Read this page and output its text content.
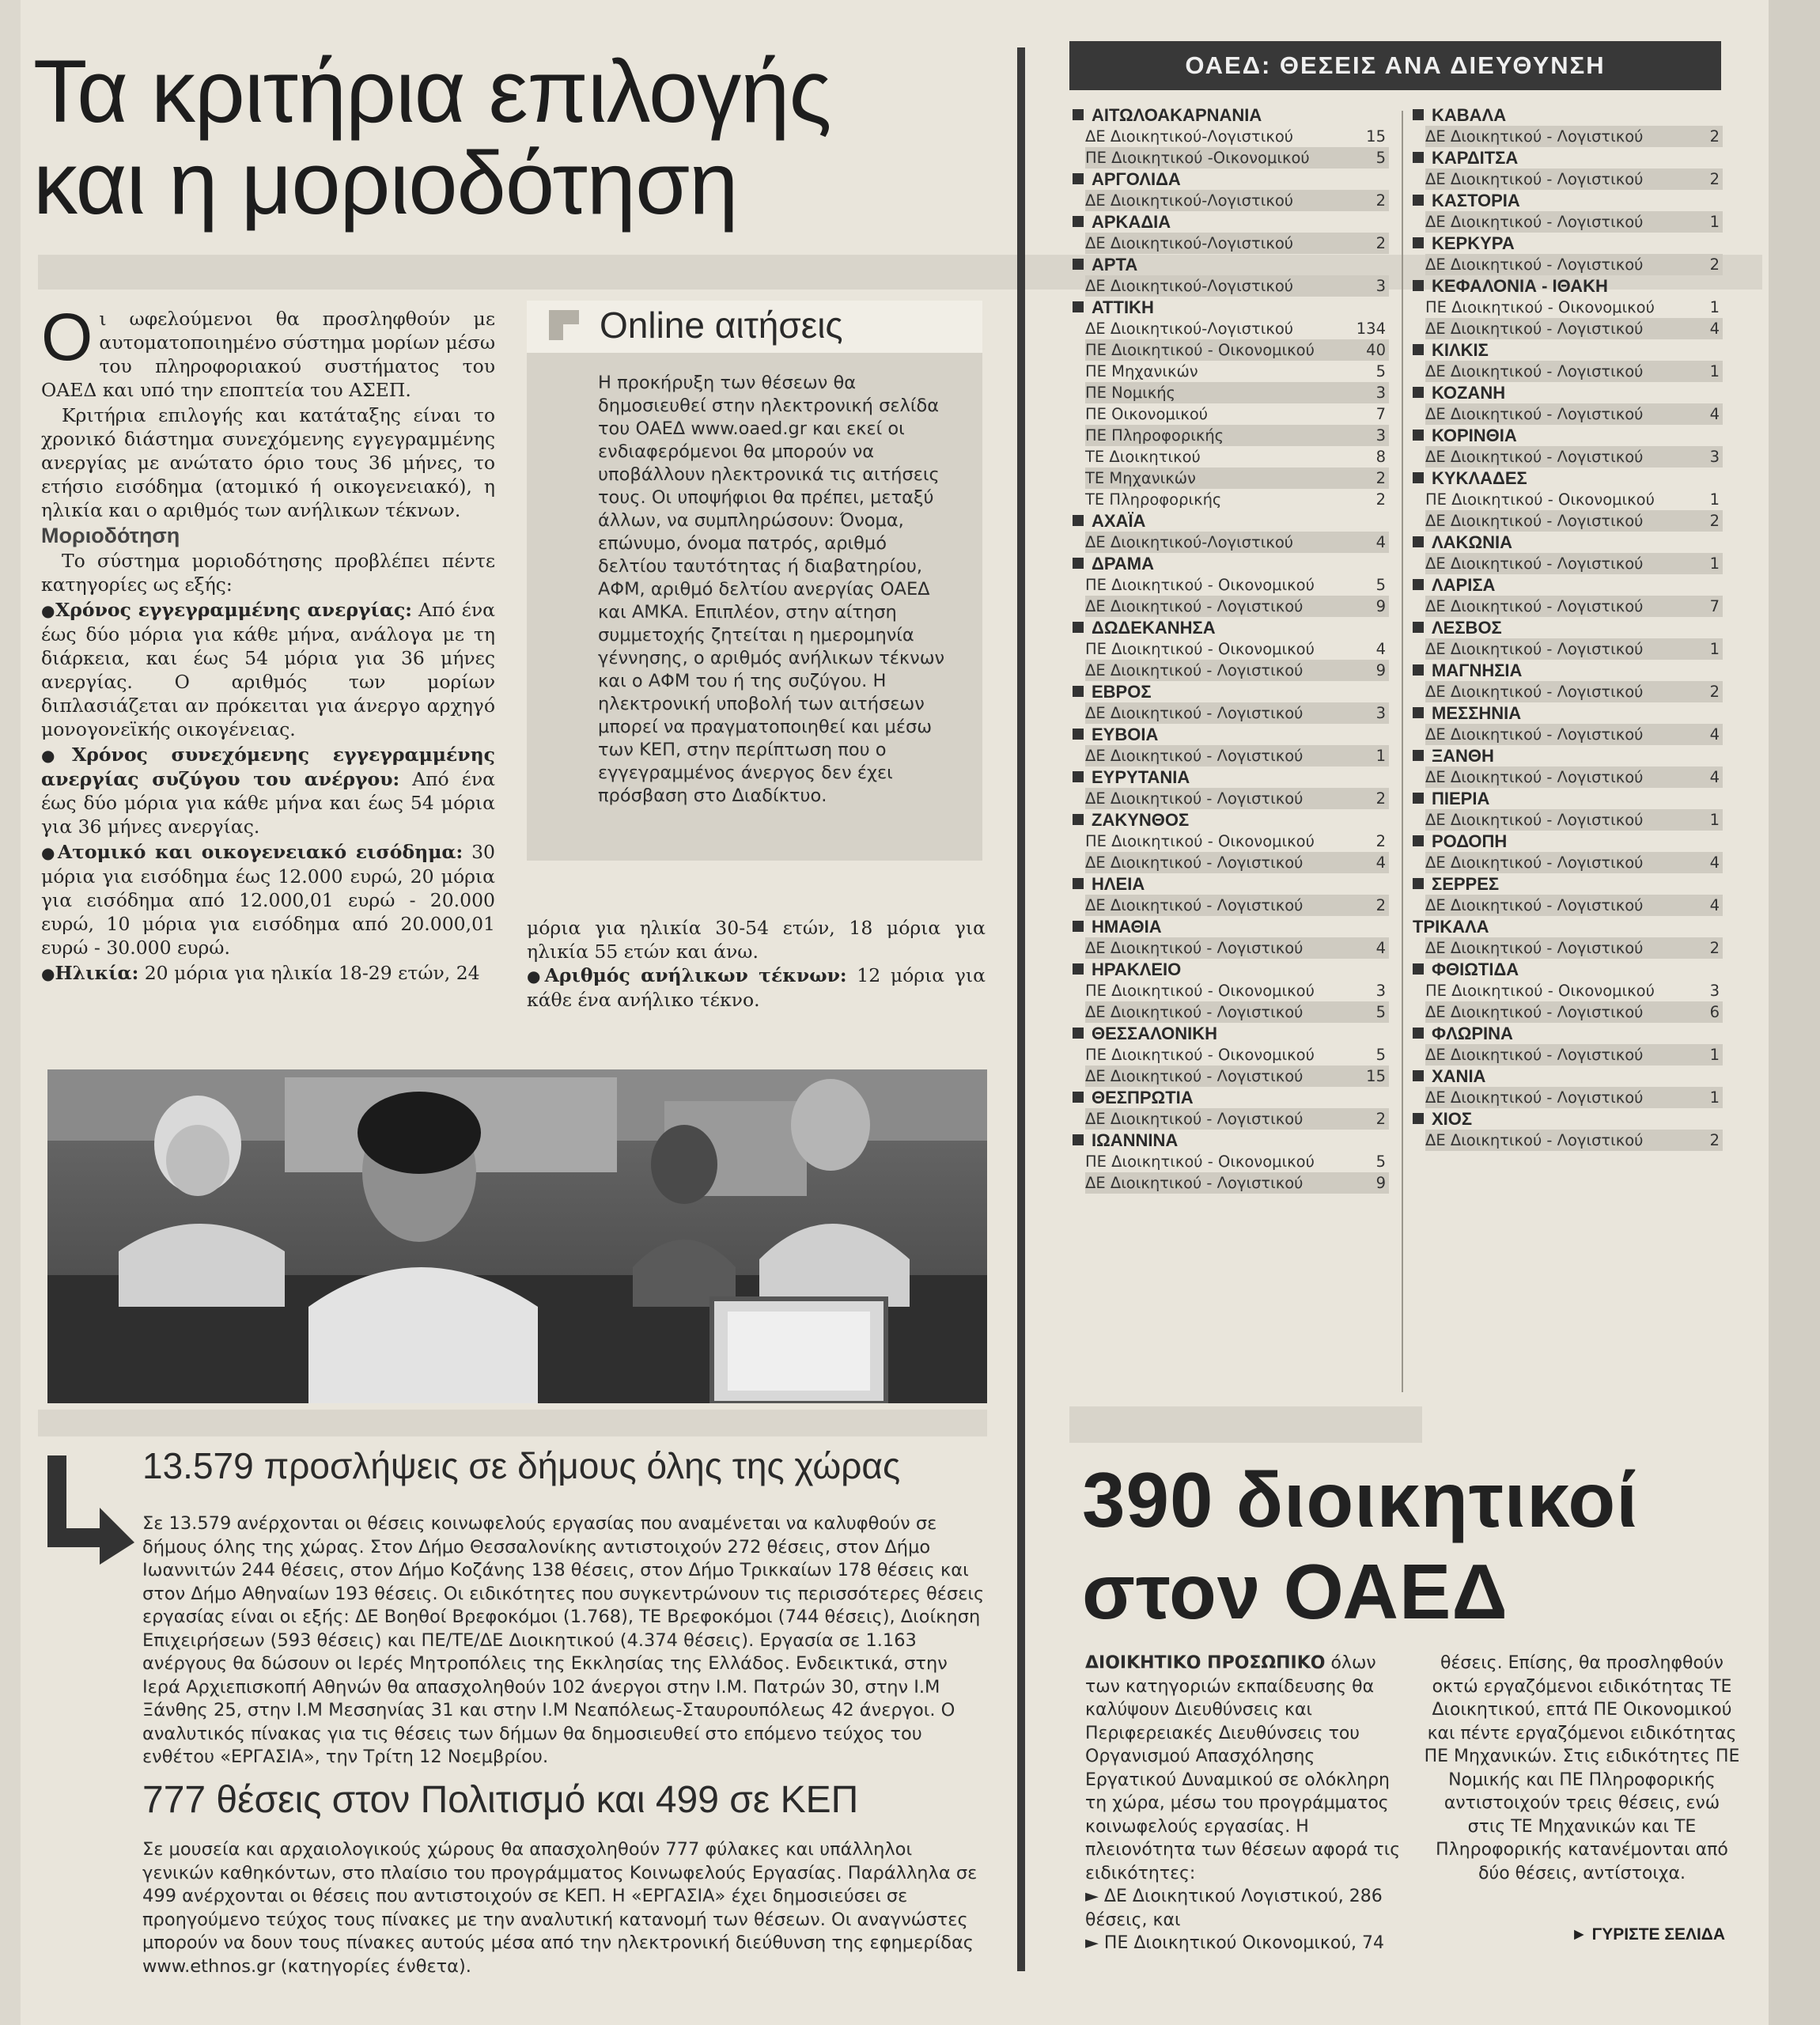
Τα κριτήρια επιλογής
και η μοριοδότηση

Οι ωφελούμενοι θα προσληφθούν με αυτοματοποιημένο σύστημα μορίων μέσω του πληροφοριακού συστήματος του ΟΑΕΔ και υπό την εποπτεία του ΑΣΕΠ.

Κριτήρια επιλογής και κατάταξης είναι το χρονικό διάστημα συνεχόμενης εγγεγραμμένης ανεργίας με ανώτατο όριο τους 36 μήνες, το ετήσιο εισόδημα (ατομικό ή οικογενειακό), η ηλικία και ο αριθμός των ανήλικων τέκνων.

Μοριοδότηση

Το σύστημα μοριοδότησης προβλέπει πέντε κατηγορίες ως εξής:

●Χρόνος εγγεγραμμένης ανεργίας: Από ένα έως δύο μόρια για κάθε μήνα, ανάλογα με τη διάρκεια, και έως 54 μόρια για 36 μήνες ανεργίας. Ο αριθμός των μορίων διπλασιάζεται αν πρόκειται για άνεργο αρχηγό μονογονεϊκής οικογένειας.

●Χρόνος συνεχόμενης εγγεγραμμένης ανεργίας συζύγου του ανέργου: Από ένα έως δύο μόρια για κάθε μήνα και έως 54 μόρια για 36 μήνες ανεργίας.

●Ατομικό και οικογενειακό εισόδημα: 30 μόρια για εισόδημα έως 12.000 ευρώ, 20 μόρια για εισόδημα από 12.000,01 ευρώ - 20.000 ευρώ, 10 μόρια για εισόδημα από 20.000,01 ευρώ - 30.000 ευρώ.

●Ηλικία: 20 μόρια για ηλικία 18-29 ετών, 24

Online αιτήσεις
Η προκήρυξη των θέσεων θα δημοσιευθεί στην ηλεκτρονική σελίδα του ΟΑΕΔ www.oaed.gr και εκεί οι ενδιαφερόμενοι θα μπορούν να υποβάλλουν ηλεκτρονικά τις αιτήσεις τους. Οι υποψήφιοι θα πρέπει, μεταξύ άλλων, να συμπληρώσουν: Όνομα, επώνυμο, όνομα πατρός, αριθμό δελτίου ταυτότητας ή διαβατηρίου, ΑΦΜ, αριθμό δελτίου ανεργίας ΟΑΕΔ και ΑΜΚΑ. Επιπλέον, στην αίτηση συμμετοχής ζητείται η ημερομηνία γέννησης, ο αριθμός ανήλικων τέκνων και ο ΑΦΜ του ή της συζύγου. Η ηλεκτρονική υποβολή των αιτήσεων μπορεί να πραγματοποιηθεί και μέσω των ΚΕΠ, στην περίπτωση που ο εγγεγραμμένος άνεργος δεν έχει πρόσβαση στο Διαδίκτυο.

μόρια για ηλικία 30-54 ετών, 18 μόρια για ηλικία 55 ετών και άνω.

●Αριθμός ανήλικων τέκνων: 12 μόρια για κάθε ένα ανήλικο τέκνο.

13.579 προσλήψεις σε δήμους όλης της χώρας
Σε 13.579 ανέρχονται οι θέσεις κοινωφελούς εργασίας που αναμένεται να καλυφθούν σε δήμους όλης της χώρας. Στον Δήμο Θεσσαλονίκης αντιστοιχούν 272 θέσεις, στον Δήμο Ιωαννιτών 244 θέσεις, στον Δήμο Κοζάνης 138 θέσεις, στον Δήμο Τρικκαίων 178 θέσεις και στον Δήμο Αθηναίων 193 θέσεις. Οι ειδικότητες που συγκεντρώνουν τις περισσότερες θέσεις εργασίας είναι οι εξής: ΔΕ Βοηθοί Βρεφοκόμοι (1.768), ΤΕ Βρεφοκόμοι (744 θέσεις), Διοίκηση Επιχειρήσεων (593 θέσεις) και ΠΕ/ΤΕ/ΔΕ Διοικητικού (4.374 θέσεις). Εργασία σε 1.163 ανέργους θα δώσουν οι Ιερές Μητροπόλεις της Εκκλησίας της Ελλάδος. Ενδεικτικά, στην Ιερά Αρχιεπισκοπή Αθηνών θα απασχοληθούν 102 άνεργοι στην Ι.Μ. Πατρών 30, στην Ι.Μ Ξάνθης 25, στην Ι.Μ Μεσσηνίας 31 και στην Ι.Μ Νεαπόλεως-Σταυρουπόλεως 42 άνεργοι. Ο αναλυτικός πίνακας για τις θέσεις των δήμων θα δημοσιευθεί στο επόμενο τεύχος του ενθέτου «ΕΡΓΑΣΙΑ», την Τρίτη 12 Νοεμβρίου.
777 θέσεις στον Πολιτισμό και 499 σε ΚΕΠ
Σε μουσεία και αρχαιολογικούς χώρους θα απασχοληθούν 777 φύλακες και υπάλληλοι γενικών καθηκόντων, στο πλαίσιο του προγράμματος Κοινωφελούς Εργασίας. Παράλληλα σε 499 ανέρχονται οι θέσεις που αντιστοιχούν σε ΚΕΠ. Η «ΕΡΓΑΣΙΑ» έχει δημοσιεύσει σε προηγούμενο τεύχος τους πίνακες με την αναλυτική κατανομή των θέσεων. Οι αναγνώστες μπορούν να δουν τους πίνακες αυτούς μέσα από την ηλεκτρονική διεύθυνση της εφημερίδας www.ethnos.gr (κατηγορίες ένθετα).
ΟΑΕΔ: ΘΕΣΕΙΣ ΑΝΑ ΔΙΕΥΘΥΝΣΗ
ΑΙΤΩΛΟΑΚΑΡΝΑΝΙΑ
ΔΕ Διοικητικού-Λογιστικού	15
ΠΕ Διοικητικού -Οικονομικού	5
ΑΡΓΟΛΙΔΑ
ΔΕ Διοικητικού-Λογιστικού	2
ΑΡΚΑΔΙΑ
ΔΕ Διοικητικού-Λογιστικού	2
ΑΡΤΑ
ΔΕ Διοικητικού-Λογιστικού	3
ΑΤΤΙΚΗ
ΔΕ Διοικητικού-Λογιστικού	134
ΠΕ Διοικητικού - Οικονομικού	40
ΠΕ Μηχανικών	5
ΠΕ Νομικής	3
ΠΕ Οικονομικού	7
ΠΕ Πληροφορικής	3
ΤΕ Διοικητικού	8
ΤΕ Μηχανικών	2
ΤΕ Πληροφορικής	2
ΑΧΑΪΑ
ΔΕ Διοικητικού-Λογιστικού	4
ΔΡΑΜΑ
ΠΕ Διοικητικού - Οικονομικού	5
ΔΕ Διοικητικού - Λογιστικού	9
ΔΩΔΕΚΑΝΗΣΑ
ΠΕ Διοικητικού - Οικονομικού	4
ΔΕ Διοικητικού - Λογιστικού	9
ΕΒΡΟΣ
ΔΕ Διοικητικού - Λογιστικού	3
ΕΥΒΟΙΑ
ΔΕ Διοικητικού - Λογιστικού	1
ΕΥΡΥΤΑΝΙΑ
ΔΕ Διοικητικού - Λογιστικού	2
ΖΑΚΥΝΘΟΣ
ΠΕ Διοικητικού - Οικονομικού	2
ΔΕ Διοικητικού - Λογιστικού	4
ΗΛΕΙΑ
ΔΕ Διοικητικού - Λογιστικού	2
ΗΜΑΘΙΑ
ΔΕ Διοικητικού - Λογιστικού	4
ΗΡΑΚΛΕΙΟ
ΠΕ Διοικητικού - Οικονομικού	3
ΔΕ Διοικητικού - Λογιστικού	5
ΘΕΣΣΑΛΟΝΙΚΗ
ΠΕ Διοικητικού - Οικονομικού	5
ΔΕ Διοικητικού - Λογιστικού	15
ΘΕΣΠΡΩΤΙΑ
ΔΕ Διοικητικού - Λογιστικού	2
ΙΩΑΝΝΙΝΑ
ΠΕ Διοικητικού - Οικονομικού	5
ΔΕ Διοικητικού - Λογιστικού	9
ΚΑΒΑΛΑ
ΔΕ Διοικητικού - Λογιστικού	2
ΚΑΡΔΙΤΣΑ
ΔΕ Διοικητικού - Λογιστικού	2
ΚΑΣΤΟΡΙΑ
ΔΕ Διοικητικού - Λογιστικού	1
ΚΕΡΚΥΡΑ
ΔΕ Διοικητικού - Λογιστικού	2
ΚΕΦΑΛΟΝΙΑ - ΙΘΑΚΗ
ΠΕ Διοικητικού - Οικονομικού	1
ΔΕ Διοικητικού - Λογιστικού	4
ΚΙΛΚΙΣ
ΔΕ Διοικητικού - Λογιστικού	1
ΚΟΖΑΝΗ
ΔΕ Διοικητικού - Λογιστικού	4
ΚΟΡΙΝΘΙΑ
ΔΕ Διοικητικού - Λογιστικού	3
ΚΥΚΛΑΔΕΣ
ΠΕ Διοικητικού - Οικονομικού	1
ΔΕ Διοικητικού - Λογιστικού	2
ΛΑΚΩΝΙΑ
ΔΕ Διοικητικού - Λογιστικού	1
ΛΑΡΙΣΑ
ΔΕ Διοικητικού - Λογιστικού	7
ΛΕΣΒΟΣ
ΔΕ Διοικητικού - Λογιστικού	1
ΜΑΓΝΗΣΙΑ
ΔΕ Διοικητικού - Λογιστικού	2
ΜΕΣΣΗΝΙΑ
ΔΕ Διοικητικού - Λογιστικού	4
ΞΑΝΘΗ
ΔΕ Διοικητικού - Λογιστικού	4
ΠΙΕΡΙΑ
ΔΕ Διοικητικού - Λογιστικού	1
ΡΟΔΟΠΗ
ΔΕ Διοικητικού - Λογιστικού	4
ΣΕΡΡΕΣ
ΔΕ Διοικητικού - Λογιστικού	4
ΤΡΙΚΑΛΑ
ΔΕ Διοικητικού - Λογιστικού	2
ΦΘΙΩΤΙΔΑ
ΠΕ Διοικητικού - Οικονομικού	3
ΔΕ Διοικητικού - Λογιστικού	6
ΦΛΩΡΙΝΑ
ΔΕ Διοικητικού - Λογιστικού	1
ΧΑΝΙΑ
ΔΕ Διοικητικού - Λογιστικού	1
ΧΙΟΣ
ΔΕ Διοικητικού - Λογιστικού	2
390 διοικητικοί
στον ΟΑΕΔ
ΔΙΟΙΚΗΤΙΚΟ ΠΡΟΣΩΠΙΚΟ όλων των κατηγοριών εκπαίδευσης θα καλύψουν Διευθύνσεις και Περιφερειακές Διευθύνσεις του Οργανισμού Απασχόλησης Εργατικού Δυναμικού σε ολόκληρη τη χώρα, μέσω του προγράμματος κοινωφελούς εργασίας. Η πλειονότητα των θέσεων αφορά τις ειδικότητες:
► ΔΕ Διοικητικού Λογιστικού, 286 θέσεις, και
► ΠΕ Διοικητικού Οικονομικού, 74
θέσεις. Επίσης, θα προσληφθούν οκτώ εργαζόμενοι ειδικότητας ΤΕ Διοικητικού, επτά ΠΕ Οικονομικού και πέντε εργαζόμενοι ειδικότητας ΠΕ Μηχανικών. Στις ειδικότητες ΠΕ Νομικής και ΠΕ Πληροφορικής αντιστοιχούν τρεις θέσεις, ενώ στις ΤΕ Μηχανικών και ΤΕ Πληροφορικής κατανέμονται από δύο θέσεις, αντίστοιχα.
► ΓΥΡΙΣΤΕ ΣΕΛΙΔΑ
